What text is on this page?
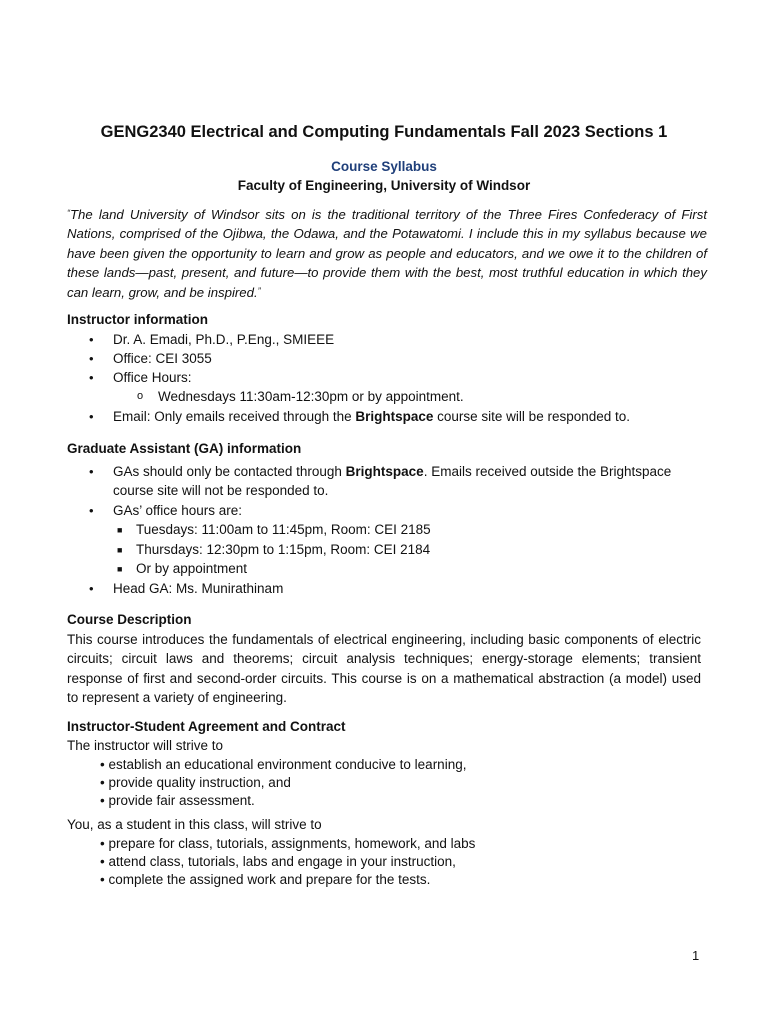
GENG2340 Electrical and Computing Fundamentals Fall 2023 Sections 1
Course Syllabus
Faculty of Engineering, University of Windsor
“The land University of Windsor sits on is the traditional territory of the Three Fires Confederacy of First Nations, comprised of the Ojibwa, the Odawa, and the Potawatomi. I include this in my syllabus because we have been given the opportunity to learn and grow as people and educators, and we owe it to the children of these lands—past, present, and future—to provide them with the best, most truthful education in which they can learn, grow, and be inspired.”
Instructor information
• Dr. A. Emadi, Ph.D., P.Eng., SMIEEE
• Office: CEI 3055
• Office Hours:
o Wednesdays 11:30am-12:30pm or by appointment.
• Email: Only emails received through the Brightspace course site will be responded to.
Graduate Assistant (GA) information
• GAs should only be contacted through Brightspace. Emails received outside the Brightspace
course site will not be responded to.
• GAs’ office hours are:
■ Tuesdays: 11:00am to 11:45pm, Room: CEI 2185
■ Thursdays: 12:30pm to 1:15pm, Room: CEI 2184
■ Or by appointment
• Head GA: Ms. Munirathinam
Course Description
This course introduces the fundamentals of electrical engineering, including basic components of electric circuits; circuit laws and theorems; circuit analysis techniques; energy-storage elements; transient response of first and second-order circuits. This course is on a mathematical abstraction (a model) used to represent a variety of engineering.
Instructor-Student Agreement and Contract
The instructor will strive to
• establish an educational environment conducive to learning,
• provide quality instruction, and
• provide fair assessment.
You, as a student in this class, will strive to
• prepare for class, tutorials, assignments, homework, and labs
• attend class, tutorials, labs and engage in your instruction,
• complete the assigned work and prepare for the tests.
1
